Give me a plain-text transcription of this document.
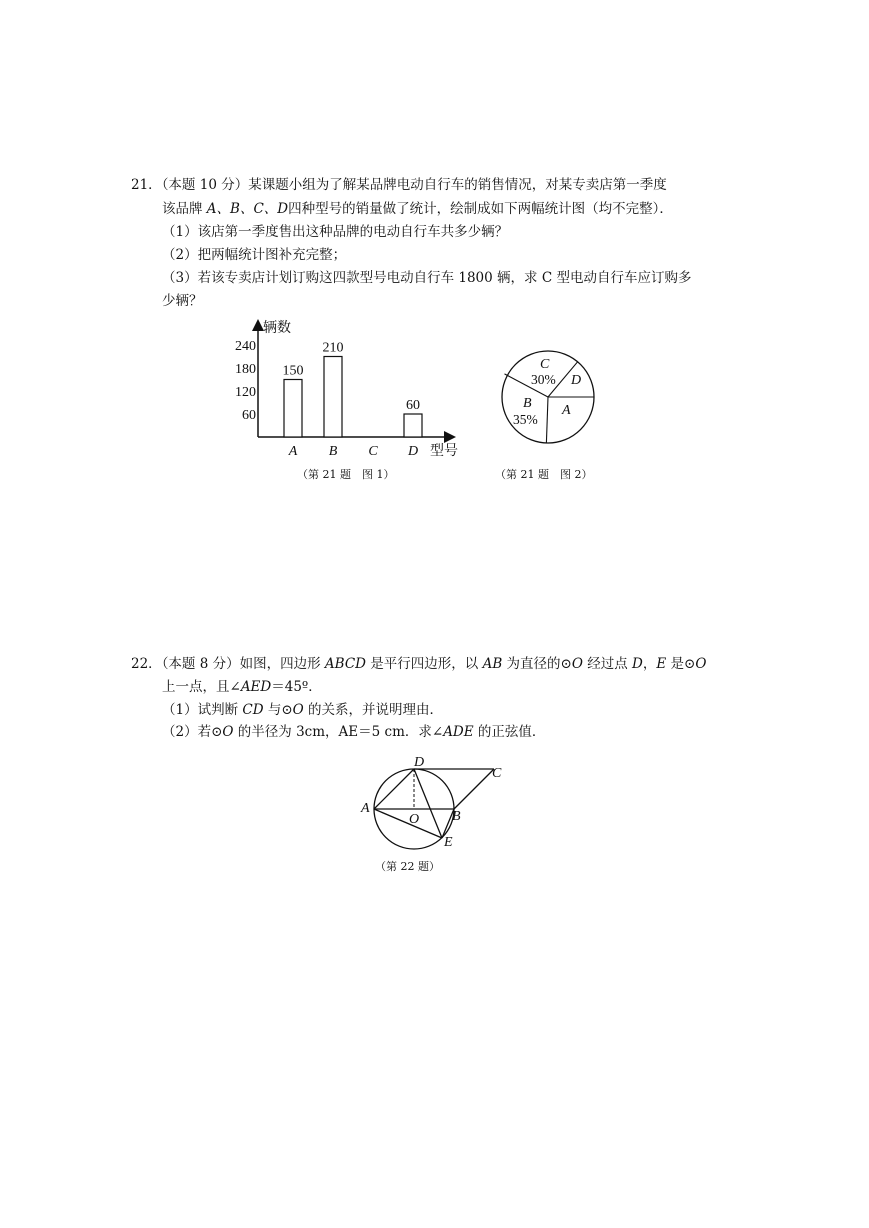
21．（本题 10 分）某课题小组为了解某品牌电动自行车的销售情况，对某专卖店第一季度
该品牌 A、B、C、D四种型号的销量做了统计，绘制成如下两幅统计图（均不完整）．
（1）该店第一季度售出这种品牌的电动自行车共多少辆？
（2）把两幅统计图补充完整；
（3）若该专卖店计划订购这四款型号电动自行车 1800 辆，求 C 型电动自行车应订购多
少辆？
辆数
型号
60
120
180
240
A B C D
150
210
60
（第 21 题　图 1）
C
30% D
A
B
35%
（第 21 题　图 2）
22．（本题 8 分）如图，四边形 ABCD 是平行四边形，以 AB 为直径的⊙O 经过点 D，E 是⊙O
上一点，且∠AED＝45º．
（1）试判断 CD 与⊙O 的关系，并说明理由．
（2）若⊙O 的半径为 3cm，AE＝5 cm．求∠ADE 的正弦值．
D
C
A
O B
E
（第 22 题）
